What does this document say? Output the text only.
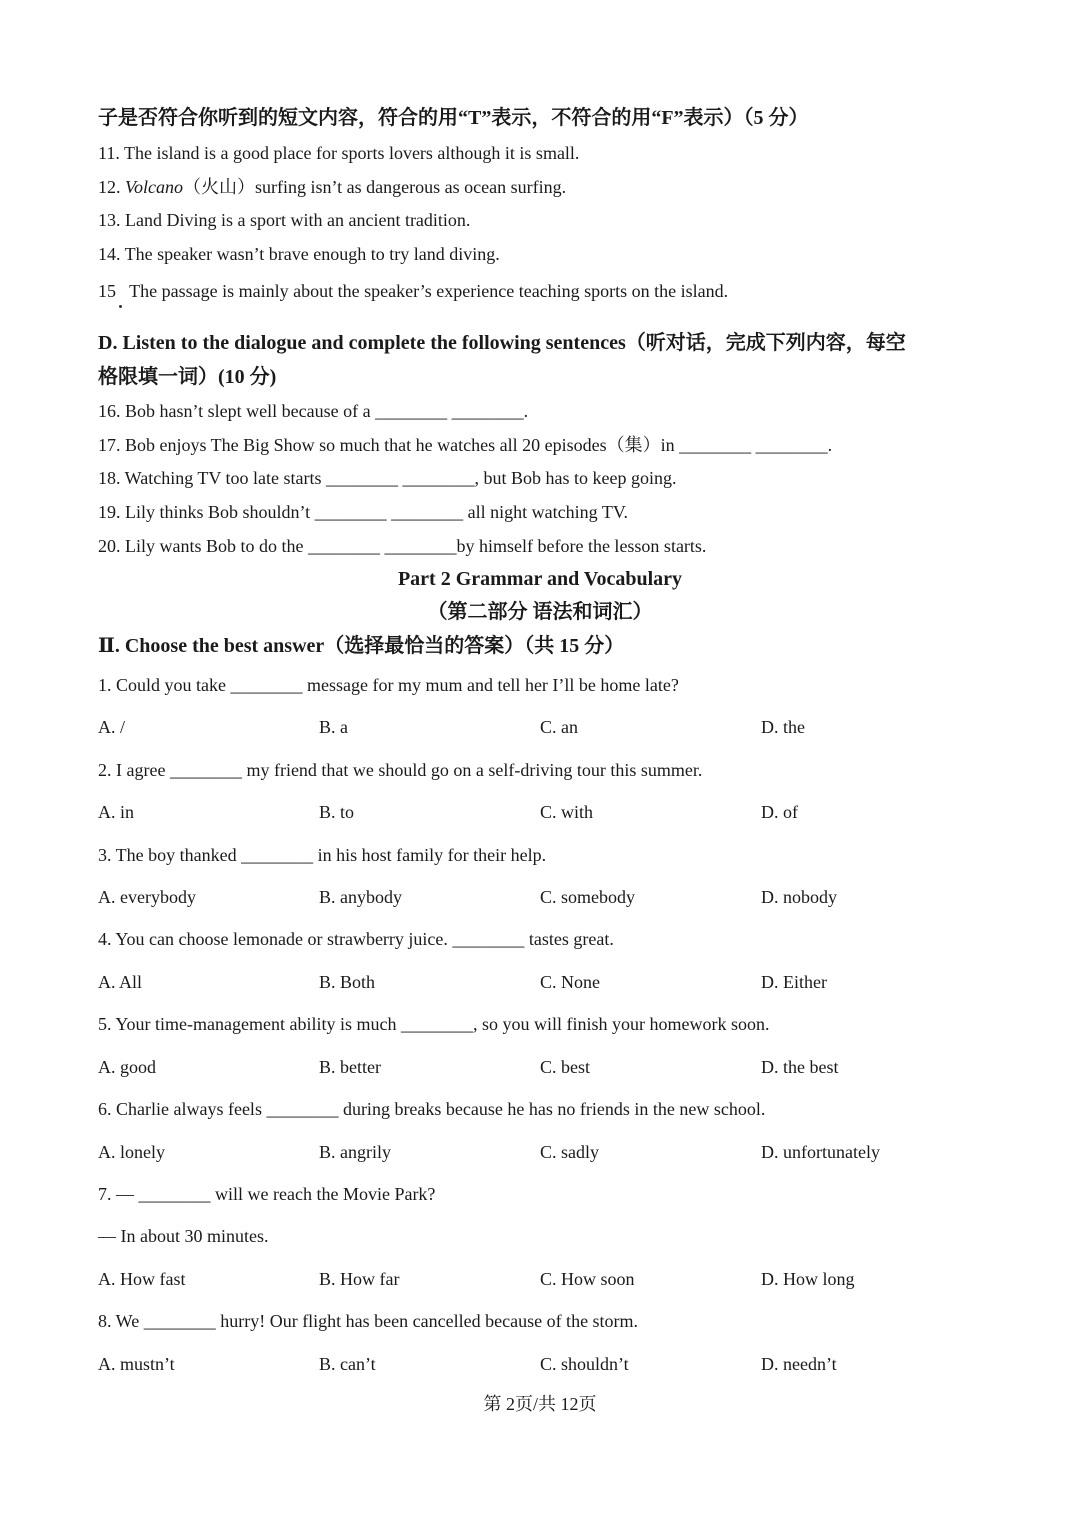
子是否符合你听到的短文内容，符合的用“T”表示，不符合的用“F”表示）（5 分）
11. The island is a good place for sports lovers although it is small.
12. Volcano（火山）surfing isn’t as dangerous as ocean surfing.
13. Land Diving is a sport with an ancient tradition.
14. The speaker wasn’t brave enough to try land diving.
15   The passage is mainly about the speaker’s experience teaching sports on the island.
D. Listen to the dialogue and complete the following sentences（听对话，完成下列内容，每空
格限填一词）(10 分)
16. Bob hasn’t slept well because of a ________ ________.
17. Bob enjoys The Big Show so much that he watches all 20 episodes（集）in ________ ________.
18. Watching TV too late starts ________ ________, but Bob has to keep going.
19. Lily thinks Bob shouldn’t ________ ________ all night watching TV.
20. Lily wants Bob to do the ________ ________by himself before the lesson starts.
Part 2 Grammar and Vocabulary
（第二部分 语法和词汇）
Ⅱ. Choose the best answer（选择最恰当的答案）（共 15 分）
1. Could you take ________ message for my mum and tell her I’ll be home late?
A. /	B. a	C. an	D. the
2. I agree ________ my friend that we should go on a self-driving tour this summer.
A. in	B. to	C. with	D. of
3. The boy thanked ________ in his host family for their help.
A. everybody	B. anybody	C. somebody	D. nobody
4. You can choose lemonade or strawberry juice. ________ tastes great.
A. All	B. Both	C. None	D. Either
5. Your time-management ability is much ________, so you will finish your homework soon.
A. good	B. better	C. best	D. the best
6. Charlie always feels ________ during breaks because he has no friends in the new school.
A. lonely	B. angrily	C. sadly	D. unfortunately
7. — ________ will we reach the Movie Park?
— In about 30 minutes.
A. How fast	B. How far	C. How soon	D. How long
8. We ________ hurry! Our flight has been cancelled because of the storm.
A. mustn’t	B. can’t	C. shouldn’t	D. needn’t
第 2页/共 12页
